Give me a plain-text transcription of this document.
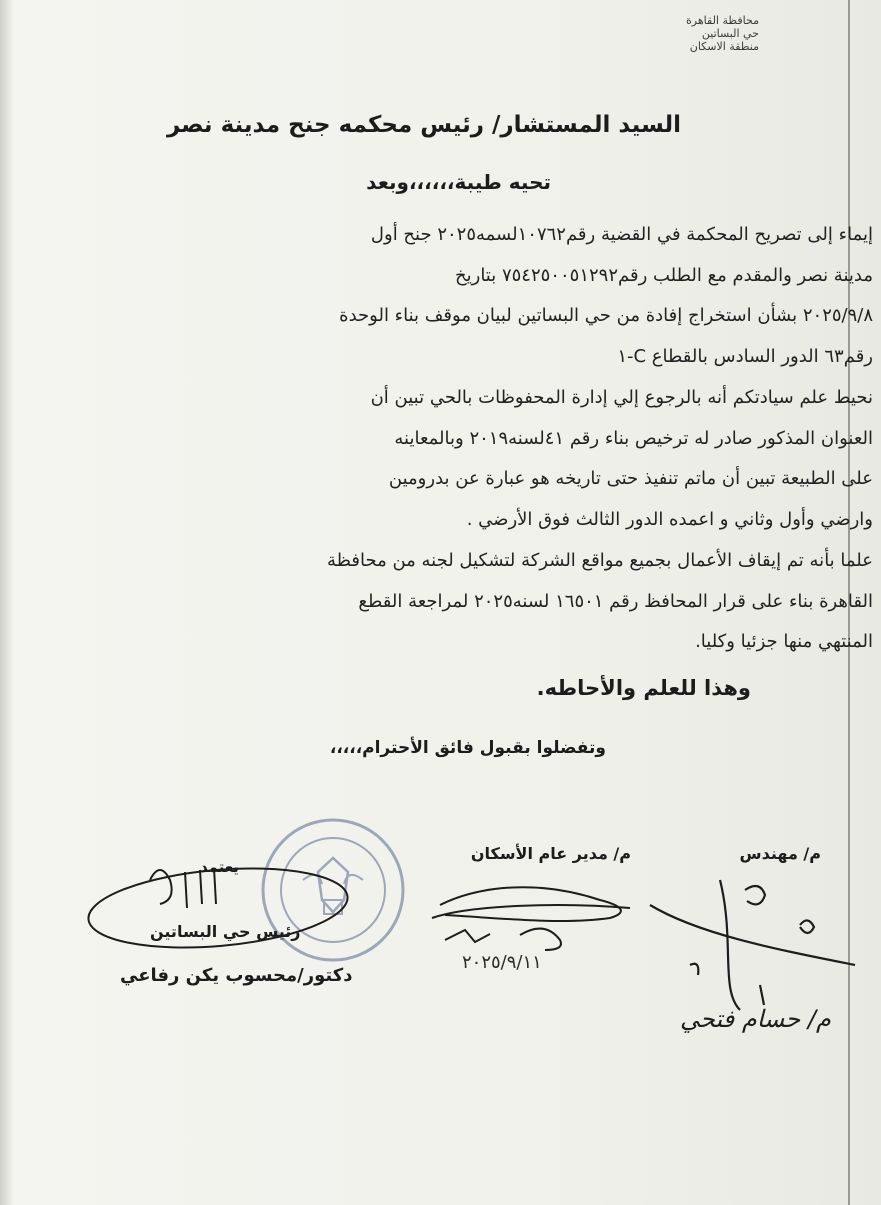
محافظة القاهرة
حي البساتين
منطقة الاسكان
السيد المستشار/ رئيس محكمه جنح مدينة نصر
تحيه طيبة،،،،،،وبعد
إيماء إلى تصريح المحكمة في القضية رقم١٠٧٦٢لسمه٢٠٢٥ جنح أول
مدينة نصر والمقدم مع الطلب رقم٧٥٤٢٥٠٠٥١٢٩٢ بتاريخ
٢٠٢٥/٩/٨ بشأن استخراج إفادة من حي البساتين لبيان موقف بناء الوحدة
رقم٦٣ الدور السادس بالقطاع C-١
نحيط علم سيادتكم أنه بالرجوع إلي إدارة المحفوظات بالحي تبين أن
العنوان المذكور صادر له ترخيص بناء رقم ٤١لسنه٢٠١٩ وبالمعاينه
على الطبيعة تبين أن ماتم تنفيذ حتى تاريخه هو عبارة عن بدرومين
وارضي وأول وثاني و اعمده الدور الثالث فوق الأرضي .
علما بأنه تم إيقاف الأعمال بجميع مواقع الشركة لتشكيل لجنه من محافظة
القاهرة بناء على قرار المحافظ رقم ١٦٥٠١ لسنه٢٠٢٥ لمراجعة القطع
المنتهي منها جزئيا وكليا.
وهذا للعلم والأحاطه.
وتفضلوا بقبول فائق الأحترام،،،،،
م/ مهندس
م/ مدير عام الأسكان
يعتمد
رئيس حي البساتين
دكتور/محسوب يكن رفاعي
٢٠٢٥/٩/١١
م/ حسام فتحي
